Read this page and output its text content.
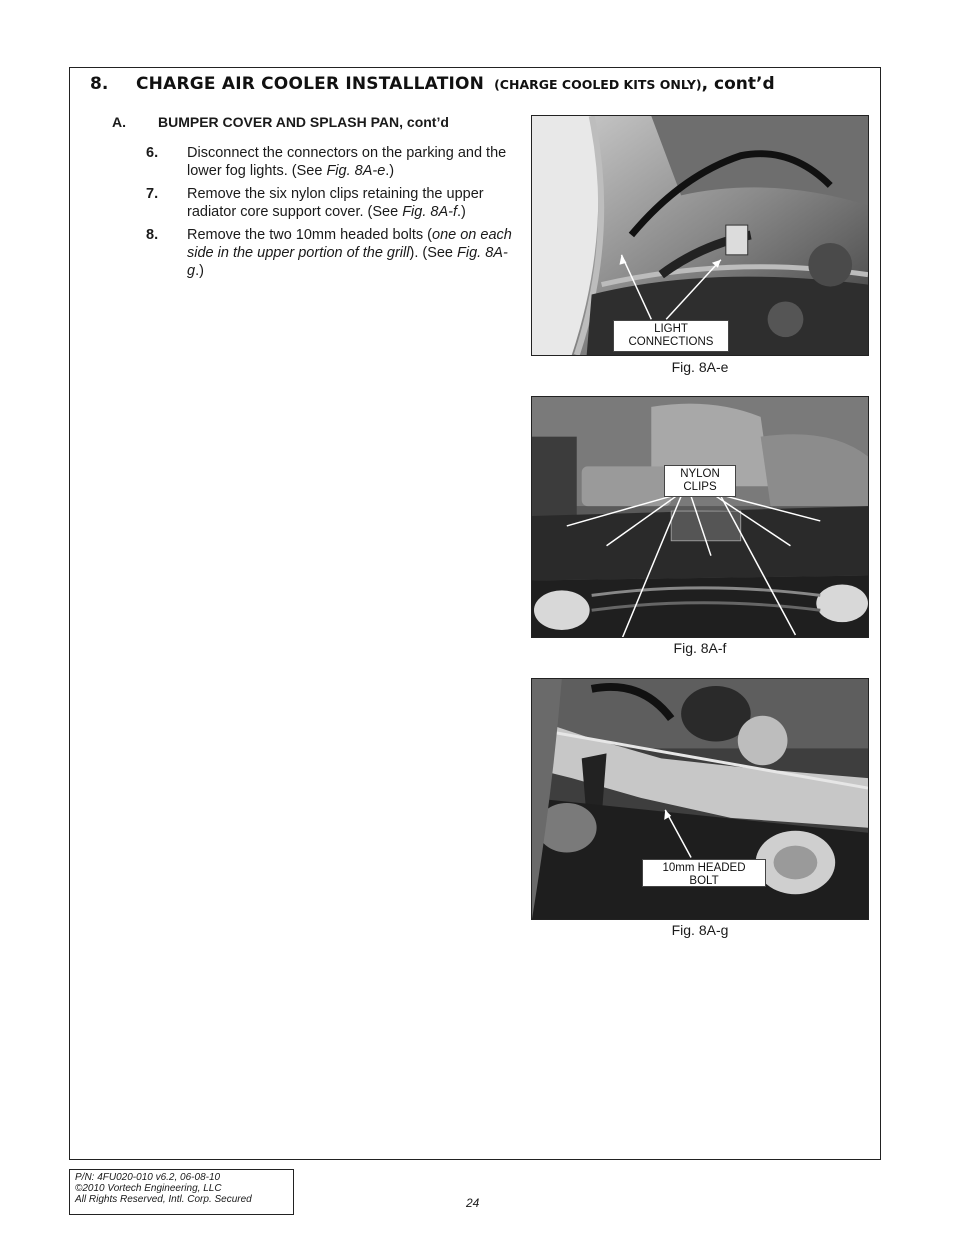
8. CHARGE AIR COOLER INSTALLATION (CHARGE COOLED KITS ONLY), cont’d
A. BUMPER COVER AND SPLASH PAN, cont’d
6. Disconnect the connectors on the parking and the lower fog lights. (See Fig. 8A-e.)
7. Remove the six nylon clips retaining the upper radiator core support cover. (See Fig. 8A-f.)
8. Remove the two 10mm headed bolts (one on each side in the upper portion of the grill). (See Fig. 8A-g.)
LIGHT
CONNECTIONS
Fig. 8A-e
NYLON
CLIPS
Fig. 8A-f
10mm HEADED
BOLT
Fig. 8A-g
P/N: 4FU020-010 v6.2, 06-08-10
©2010 Vortech Engineering, LLC
All Rights Reserved, Intl. Corp. Secured	24
